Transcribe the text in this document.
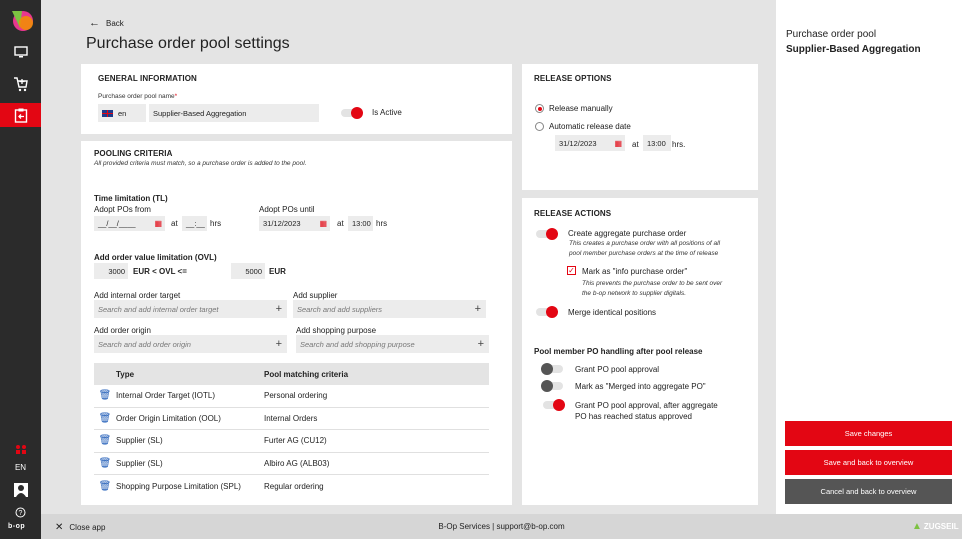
EN
?
b-op
← Back
Purchase order pool settings
GENERAL INFORMATION
Purchase order pool name*
en	Supplier-Based Aggregation	Is Active
POOLING CRITERIA
All provided criteria must match, so a purchase order is added to the pool.
Time limitation (TL)
Adopt POs from
__/__/____ ▦ at	__:__ hrs
Adopt POs until
31/12/2023 ▦ at	13:00 hrs
Add order value limitation (OVL)
3000	EUR < OVL <=	5000 EUR
Add internal order target
Search and add internal order target	+
Add supplier
Search and add suppliers	+
Add order origin
Search and add order origin	+
Add shopping purpose
Search and add shopping purpose	+
Type	Pool matching criteria
🗑 Internal Order Target (IOTL)	Personal ordering
🗑 Order Origin Limitation (OOL)	Internal Orders
🗑 Supplier (SL)	Furter AG (CU12)
🗑 Supplier (SL)	Albiro AG (ALB03)
🗑 Shopping Purpose Limitation (SPL)	Regular ordering
RELEASE OPTIONS
Release manually
Automatic release date
31/12/2023 ▦ at	13:00 hrs.
RELEASE ACTIONS
Create aggregate purchase order
This creates a purchase order with all positions of all
pool member purchase orders at the time of release
✓ Mark as "info purchase order"
This prevents the purchase order to be sent over
the b-op network to supplier digitals.
Merge identical positions
Pool member PO handling after pool release
Grant PO pool approval
Mark as "Merged into aggregate PO"
Grant PO pool approval, after aggregate
PO has reached status approved
Purchase order pool
Supplier-Based Aggregation
Save changes
Save and back to overview
Cancel and back to overview
✕ Close app	B-Op Services | support@b-op.com	▲ ZUGSEIL
